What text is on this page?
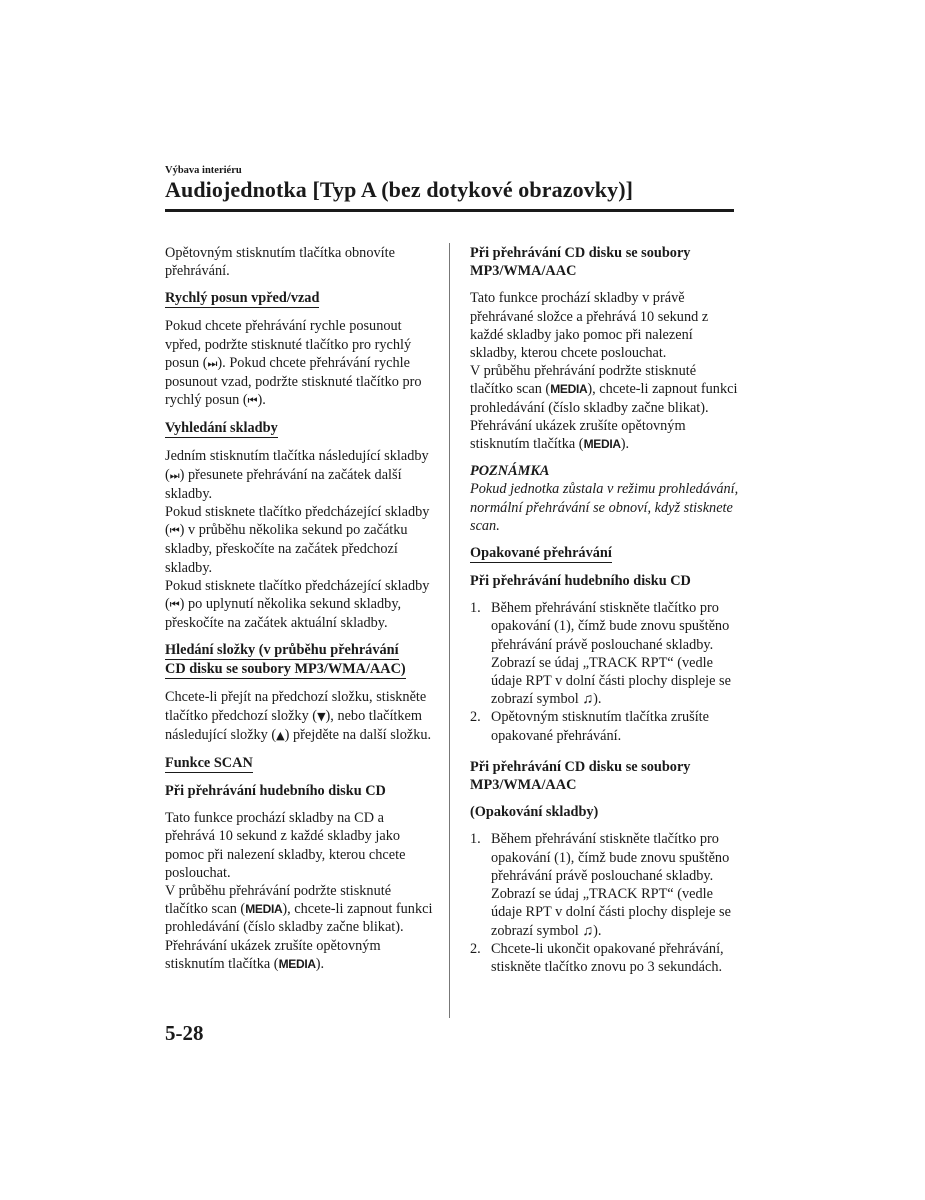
Výbava interiéru
Audiojednotka [Typ A (bez dotykové obrazovky)]

Opětovným stisknutím tlačítka obnovíte přehrávání.

Rychlý posun vpřed/vzad

Pokud chcete přehrávání rychle posunout vpřed, podržte stisknuté tlačítko pro rychlý posun (⏭). Pokud chcete přehrávání rychle posunout vzad, podržte stisknuté tlačítko pro rychlý posun (⏮).

Vyhledání skladby

Jedním stisknutím tlačítka následující skladby (⏭) přesunete přehrávání na začátek další skladby.

Pokud stisknete tlačítko předcházející skladby (⏮) v průběhu několika sekund po začátku skladby, přeskočíte na začátek předchozí skladby.

Pokud stisknete tlačítko předcházející skladby (⏮) po uplynutí několika sekund skladby, přeskočíte na začátek aktuální skladby.

Hledání složky (v průběhu přehrávání
CD disku se soubory MP3/WMA/AAC)

Chcete-li přejít na předchozí složku, stiskněte tlačítko předchozí složky (▼), nebo tlačítkem následující složky (▲) přejděte na další složku.

Funkce SCAN

Při přehrávání hudebního disku CD

Tato funkce prochází skladby na CD a přehrává 10 sekund z každé skladby jako pomoc při nalezení skladby, kterou chcete poslouchat.

V průběhu přehrávání podržte stisknuté tlačítko scan (MEDIA), chcete-li zapnout funkci prohledávání (číslo skladby začne blikat). Přehrávání ukázek zrušíte opětovným stisknutím tlačítka (MEDIA).

Při přehrávání CD disku se soubory
MP3/WMA/AAC

Tato funkce prochází skladby v právě přehrávané složce a přehrává 10 sekund z každé skladby jako pomoc při nalezení skladby, kterou chcete poslouchat.

V průběhu přehrávání podržte stisknuté tlačítko scan (MEDIA), chcete-li zapnout funkci prohledávání (číslo skladby začne blikat).

Přehrávání ukázek zrušíte opětovným stisknutím tlačítka (MEDIA).

POZNÁMKA

Pokud jednotka zůstala v režimu prohledávání, normální přehrávání se obnoví, když stisknete scan.

Opakované přehrávání

Při přehrávání hudebního disku CD

1. Během přehrávání stiskněte tlačítko pro opakování (1), čímž bude znovu spuštěno přehrávání právě poslouchané skladby. Zobrazí se údaj „TRACK RPT“ (vedle údaje RPT v dolní části plochy displeje se zobrazí symbol ♫).
2. Opětovným stisknutím tlačítka zrušíte opakované přehrávání.

Při přehrávání CD disku se soubory
MP3/WMA/AAC

(Opakování skladby)

1. Během přehrávání stiskněte tlačítko pro opakování (1), čímž bude znovu spuštěno přehrávání právě poslouchané skladby. Zobrazí se údaj „TRACK RPT“ (vedle údaje RPT v dolní části plochy displeje se zobrazí symbol ♫).
2. Chcete-li ukončit opakované přehrávání, stiskněte tlačítko znovu po 3 sekundách.
5-28
